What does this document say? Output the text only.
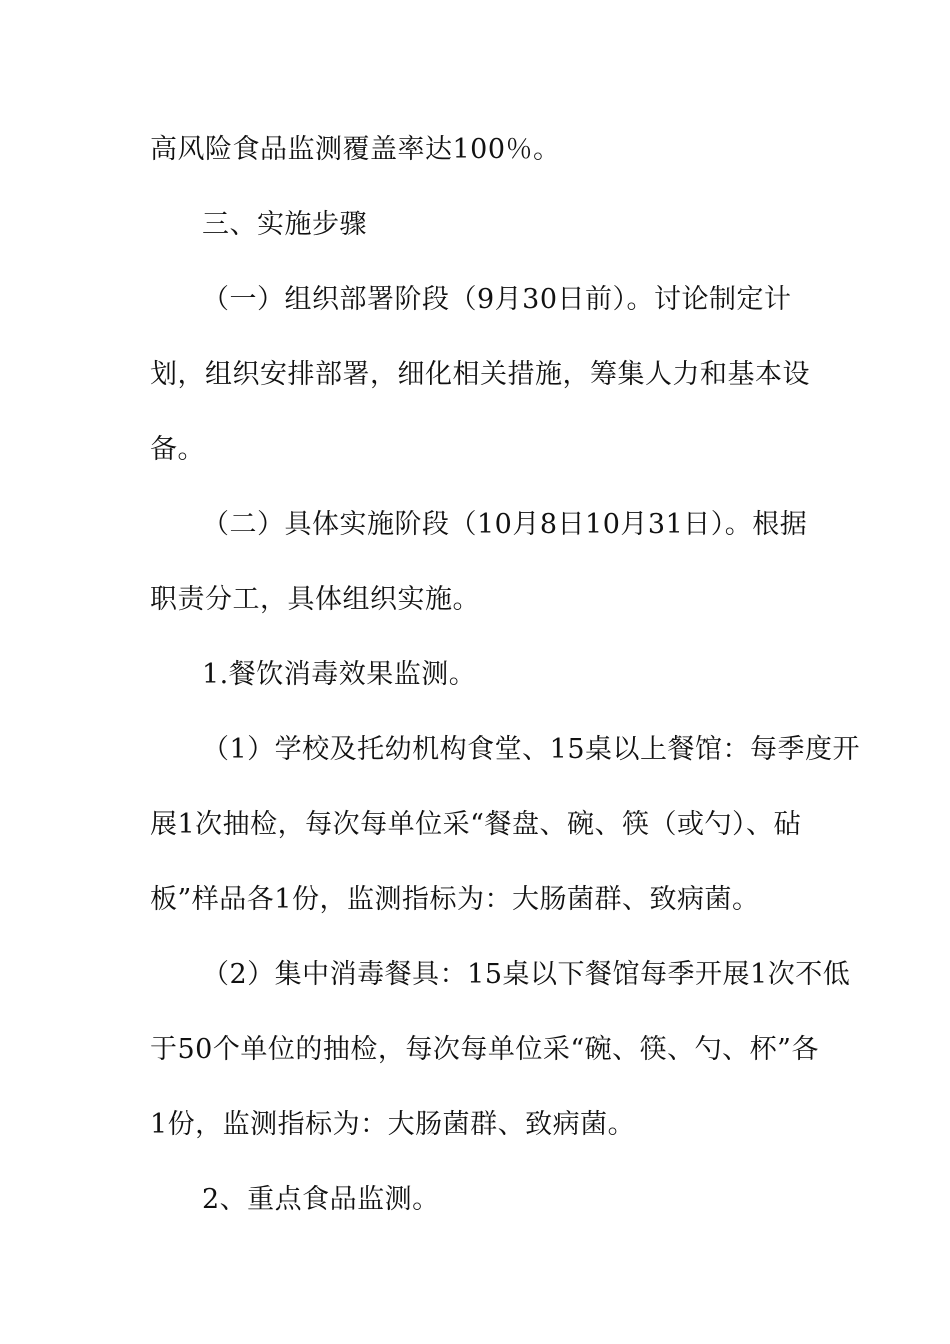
高风险食品监测覆盖率达100％。
三、实施步骤
（一）组织部署阶段（9月30日前）。讨论制定计
划，组织安排部署，细化相关措施，筹集人力和基本设
备。
（二）具体实施阶段（10月8日10月31日）。根据
职责分工，具体组织实施。
1.餐饮消毒效果监测。
（1）学校及托幼机构食堂、15桌以上餐馆：每季度开
展1次抽检，每次每单位采“餐盘、碗、筷（或勺）、砧
板”样品各1份，监测指标为：大肠菌群、致病菌。
（2）集中消毒餐具：15桌以下餐馆每季开展1次不低
于50个单位的抽检，每次每单位采“碗、筷、勺、杯”各
1份，监测指标为：大肠菌群、致病菌。
2、重点食品监测。
